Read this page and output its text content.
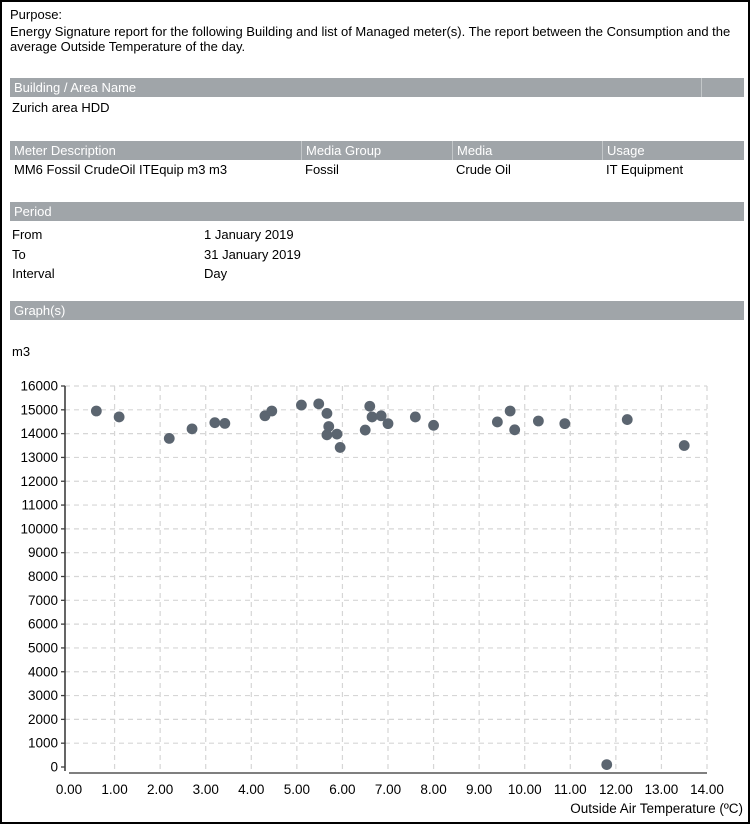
Purpose:
Energy Signature report for the following Building and list of Managed meter(s). The report between the Consumption and the average Outside Temperature of the day.
Building / Area Name
Zurich area HDD
Meter Description	Media Group	Media	Usage
MM6 Fossil CrudeOil ITEquip m3 m3	Fossil	Crude Oil	IT Equipment
Period
From	1 January 2019
To	31 January 2019
Interval	Day
Graph(s)
m3
0
1000
2000
3000
4000
5000
6000
7000
8000
9000
10000
11000
12000
13000
14000
15000
16000
0.00 1.00 2.00 3.00 4.00 5.00 6.00 7.00 8.00 9.00 10.00 11.00 12.00 13.00 14.00
Outside Air Temperature (ºC)
